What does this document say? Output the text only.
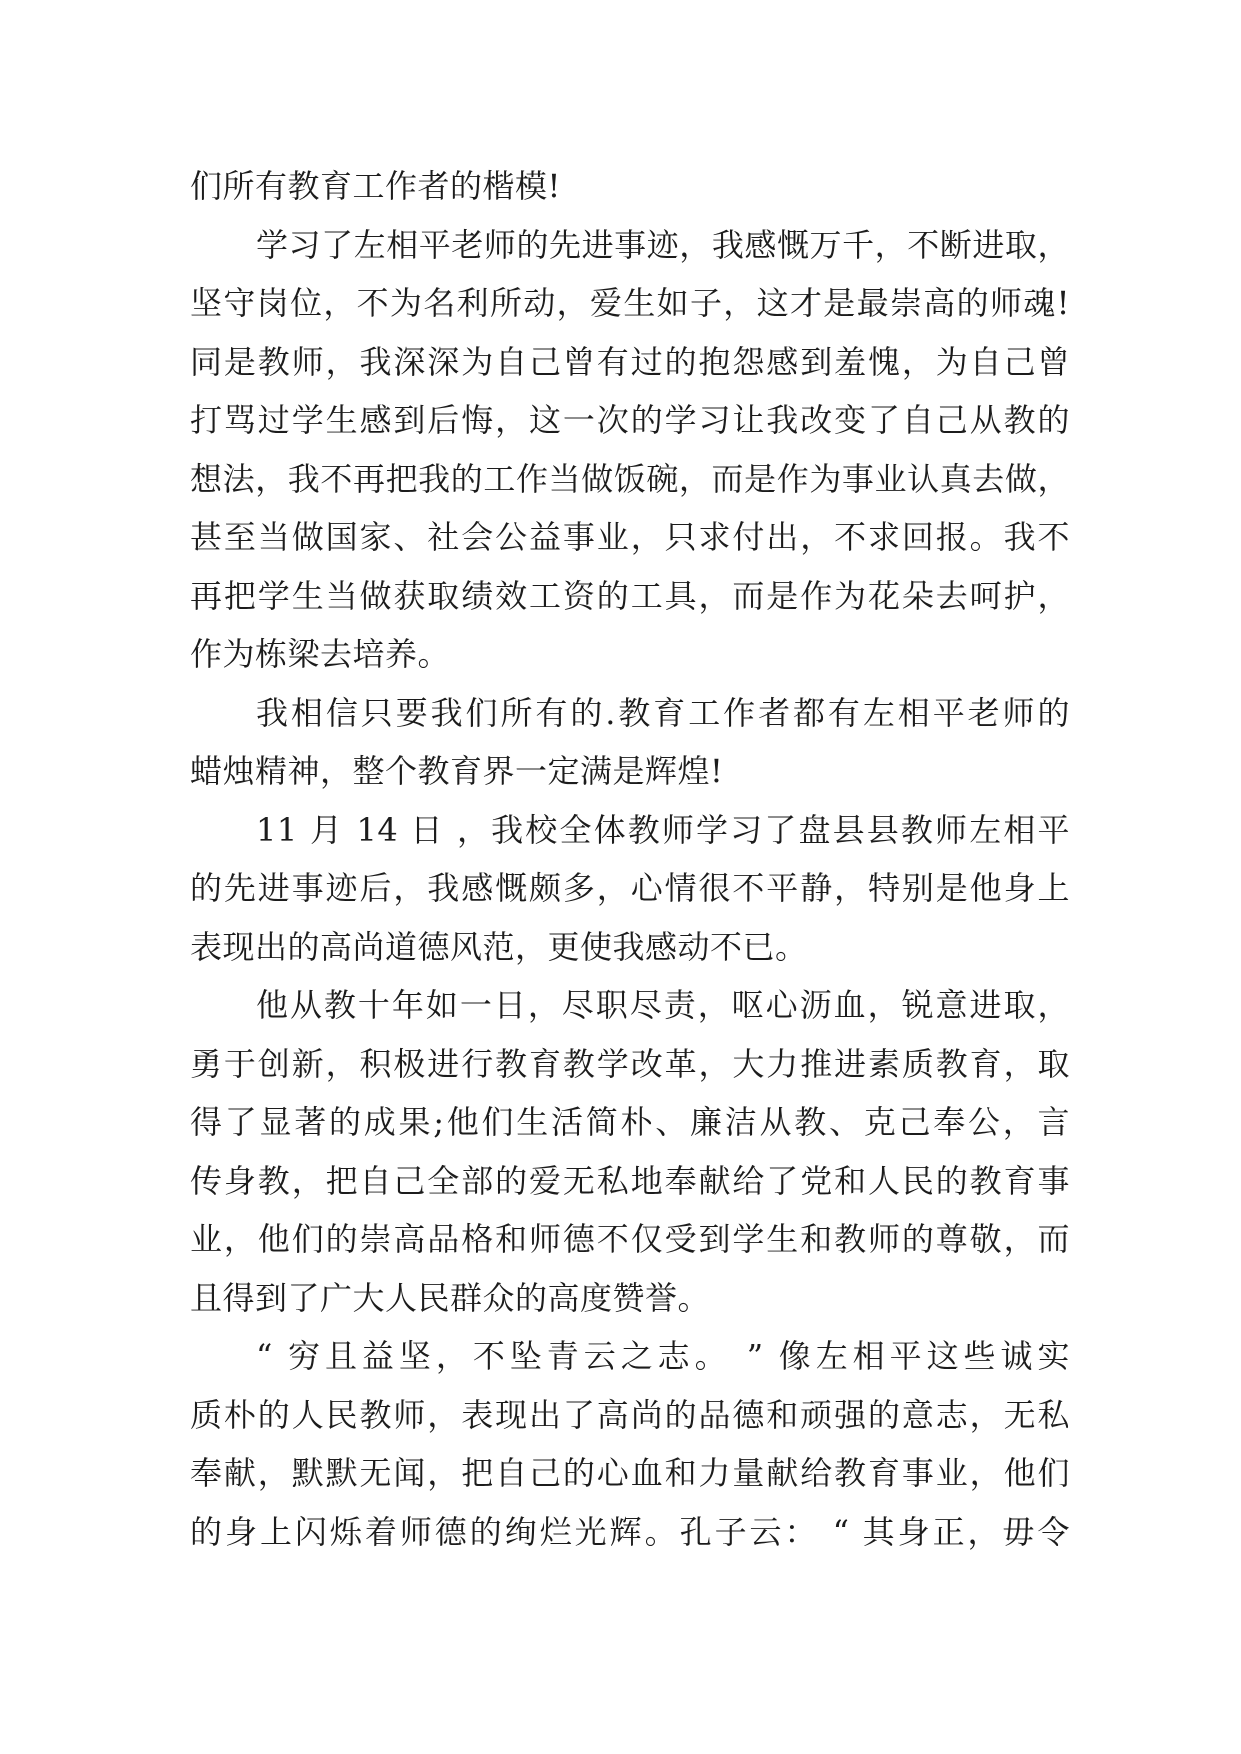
们所有教育工作者的楷模!
学习了左相平老师的先进事迹，我感慨万千，不断进取，
坚守岗位，不为名利所动，爱生如子，这才是最崇高的师魂!
同是教师，我深深为自己曾有过的抱怨感到羞愧，为自己曾
打骂过学生感到后悔，这一次的学习让我改变了自己从教的
想法，我不再把我的工作当做饭碗，而是作为事业认真去做，
甚至当做国家、社会公益事业，只求付出，不求回报。我不
再把学生当做获取绩效工资的工具，而是作为花朵去呵护，
作为栋梁去培养。
我相信只要我们所有的.教育工作者都有左相平老师的
蜡烛精神，整个教育界一定满是辉煌!
11 月 14 日 ，我校全体教师学习了盘县县教师左相平
的先进事迹后，我感慨颇多，心情很不平静，特别是他身上
表现出的高尚道德风范，更使我感动不已。
他从教十年如一日，尽职尽责，呕心沥血，锐意进取，
勇于创新，积极进行教育教学改革，大力推进素质教育，取
得了显著的成果;他们生活简朴、廉洁从教、克己奉公，言
传身教，把自己全部的爱无私地奉献给了党和人民的教育事
业，他们的崇高品格和师德不仅受到学生和教师的尊敬，而
且得到了广大人民群众的高度赞誉。
“ 穷且益坚，不坠青云之志。 ” 像左相平这些诚实
质朴的人民教师，表现出了高尚的品德和顽强的意志，无私
奉献，默默无闻，把自己的心血和力量献给教育事业，他们
的身上闪烁着师德的绚烂光辉。孔子云： “ 其身正，毋令
